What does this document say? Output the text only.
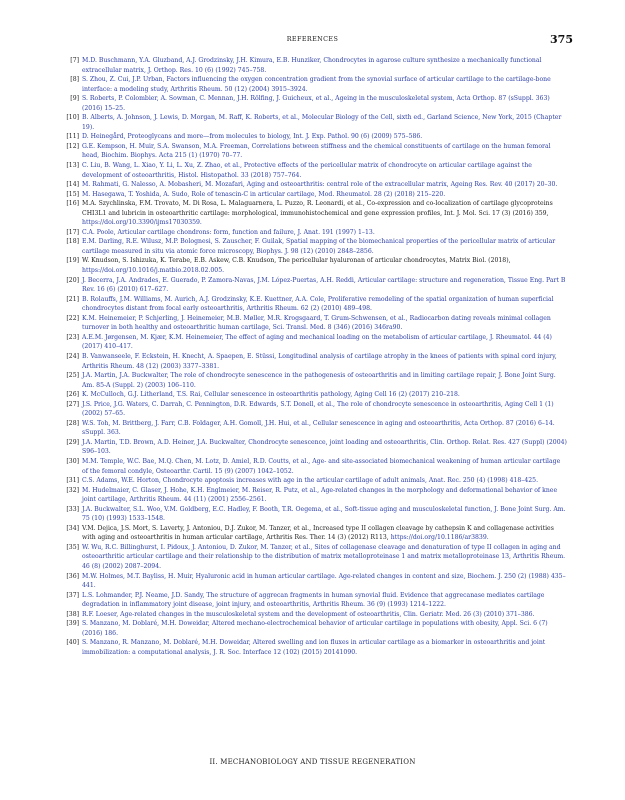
REFERENCES	375

[7] M.D. Buschmann, Y.A. Gluzband, A.J. Grodzinsky, J.H. Kimura, E.B. Hunziker, Chondrocytes in agarose culture synthesize a mechanically functional extracellular matrix, J. Orthop. Res. 10 (6) (1992) 745–758.

[8] S. Zhou, Z. Cui, J.P. Urban, Factors influencing the oxygen concentration gradient from the synovial surface of articular cartilage to the cartilage-bone interface: a modeling study, Arthritis Rheum. 50 (12) (2004) 3915–3924.

[9] S. Roberts, P. Colombier, A. Sowman, C. Mennan, J.H. Rölfing, J. Guicheux, et al., Ageing in the musculoskeletal system, Acta Orthop. 87 (sSuppl. 363) (2016) 15–25.

[10] B. Alberts, A. Johnson, J. Lewis, D. Morgan, M. Raff, K. Roberts, et al., Molecular Biology of the Cell, sixth ed., Garland Science, New York, 2015 (Chapter 19).

[11] D. Heinegård, Proteoglycans and more—from molecules to biology, Int. J. Exp. Pathol. 90 (6) (2009) 575–586.

[12] G.E. Kempson, H. Muir, S.A. Swanson, M.A. Freeman, Correlations between stiffness and the chemical constituents of cartilage on the human femoral head, Biochim. Biophys. Acta 215 (1) (1970) 70–77.

[13] C. Liu, B. Wang, L. Xiao, Y. Li, L. Xu, Z. Zhao, et al., Protective effects of the pericellular matrix of chondrocyte on articular cartilage against the development of osteoarthritis, Histol. Histopathol. 33 (2018) 757–764.

[14] M. Rahmati, G. Nalesso, A. Mobasheri, M. Mozafari, Aging and osteoarthritis: central role of the extracellular matrix, Ageing Res. Rev. 40 (2017) 20–30.

[15] M. Hasegawa, T. Yoshida, A. Sudo, Role of tenascin-C in articular cartilage, Mod. Rheumatol. 28 (2) (2018) 215–220.

[16] M.A. Szychlinska, F.M. Trovato, M. Di Rosa, L. Malaguarnera, L. Puzzo, R. Leonardi, et al., Co-expression and co-localization of cartilage glycoproteins CHI3L1 and lubricin in osteoarthritic cartilage: morphological, immunohistochemical and gene expression profiles, Int. J. Mol. Sci. 17 (3) (2016) 359, https://doi.org/10.3390/ijms17030359.

[17] C.A. Poole, Articular cartilage chondrons: form, function and failure, J. Anat. 191 (1997) 1–13.

[18] E.M. Darling, R.E. Wilusz, M.P. Bolognesi, S. Zauscher, F. Guilak, Spatial mapping of the biomechanical properties of the pericellular matrix of articular cartilage measured in situ via atomic force microscopy, Biophys. J. 98 (12) (2010) 2848–2856.

[19] W. Knudson, S. Ishizuka, K. Terabe, E.B. Askew, C.B. Knudson, The pericellular hyaluronan of articular chondrocytes, Matrix Biol. (2018), https://doi.org/10.1016/j.matbio.2018.02.005.

[20] J. Becerra, J.A. Andrades, E. Guerado, P. Zamora-Navas, J.M. López-Puertas, A.H. Reddi, Articular cartilage: structure and regeneration, Tissue Eng. Part B Rev. 16 (6) (2010) 617–627.

[21] B. Rolauffs, J.M. Williams, M. Aurich, A.J. Grodzinsky, K.E. Kuettner, A.A. Cole, Proliferative remodeling of the spatial organization of human superficial chondrocytes distant from focal early osteoarthritis, Arthritis Rheum. 62 (2) (2010) 489–498.

[22] K.M. Heinemeier, P. Schjerling, J. Heinemeier, M.B. Møller, M.R. Krogsgaard, T. Grum-Schwensen, et al., Radiocarbon dating reveals minimal collagen turnover in both healthy and osteoarthritic human cartilage, Sci. Transl. Med. 8 (346) (2016) 346ra90.

[23] A.E.M. Jørgensen, M. Kjær, K.M. Heinemeier, The effect of aging and mechanical loading on the metabolism of articular cartilage, J. Rheumatol. 44 (4) (2017) 410–417.

[24] B. Vanwanseele, F. Eckstein, H. Knecht, A. Spaepen, E. Stüssi, Longitudinal analysis of cartilage atrophy in the knees of patients with spinal cord injury, Arthritis Rheum. 48 (12) (2003) 3377–3381.

[25] J.A. Martin, J.A. Buckwalter, The role of chondrocyte senescence in the pathogenesis of osteoarthritis and in limiting cartilage repair, J. Bone Joint Surg. Am. 85-A (Suppl. 2) (2003) 106–110.

[26] K. McCulloch, G.J. Litherland, T.S. Rai, Cellular senescence in osteoarthritis pathology, Aging Cell 16 (2) (2017) 210–218.

[27] J.S. Price, J.G. Waters, C. Darrah, C. Pennington, D.R. Edwards, S.T. Donell, et al., The role of chondrocyte senescence in osteoarthritis, Aging Cell 1 (1) (2002) 57–65.

[28] W.S. Toh, M. Brittberg, J. Farr, C.B. Foldager, A.H. Gomoll, J.H. Hui, et al., Cellular senescence in aging and osteoarthritis, Acta Orthop. 87 (2016) 6–14. sSuppl. 363.

[29] J.A. Martin, T.D. Brown, A.D. Heiner, J.A. Buckwalter, Chondrocyte senescence, joint loading and osteoarthritis, Clin. Orthop. Relat. Res. 427 (Suppl) (2004) S96–103.

[30] M.M. Temple, W.C. Bae, M.Q. Chen, M. Lotz, D. Amiel, R.D. Coutts, et al., Age- and site-associated biomechanical weakening of human articular cartilage of the femoral condyle, Osteoarthr. Cartil. 15 (9) (2007) 1042–1052.

[31] C.S. Adams, W.E. Horton, Chondrocyte apoptosis increases with age in the articular cartilage of adult animals, Anat. Rec. 250 (4) (1998) 418–425.

[32] M. Hudelmaier, C. Glaser, J. Hohe, K.H. Englmeier, M. Reiser, R. Putz, et al., Age-related changes in the morphology and deformational behavior of knee joint cartilage, Arthritis Rheum. 44 (11) (2001) 2556–2561.

[33] J.A. Buckwalter, S.L. Woo, V.M. Goldberg, E.C. Hadley, F. Booth, T.R. Oegema, et al., Soft-tissue aging and musculoskeletal function, J. Bone Joint Surg. Am. 75 (10) (1993) 1533–1548.

[34] V.M. Dejica, J.S. Mort, S. Laverty, J. Antoniou, D.J. Zukor, M. Tanzer, et al., Increased type II collagen cleavage by cathepsin K and collagenase activities with aging and osteoarthritis in human articular cartilage, Arthritis Res. Ther. 14 (3) (2012) R113, https://doi.org/10.1186/ar3839.

[35] W. Wu, R.C. Billinghurst, I. Pidoux, J. Antoniou, D. Zukor, M. Tanzer, et al., Sites of collagenase cleavage and denaturation of type II collagen in aging and osteoarthritic articular cartilage and their relationship to the distribution of matrix metalloproteinase 1 and matrix metalloproteinase 13, Arthritis Rheum. 46 (8) (2002) 2087–2094.

[36] M.W. Holmes, M.T. Bayliss, H. Muir, Hyaluronic acid in human articular cartilage. Age-related changes in content and size, Biochem. J. 250 (2) (1988) 435–441.

[37] L.S. Lohmander, P.J. Neame, J.D. Sandy, The structure of aggrecan fragments in human synovial fluid. Evidence that aggrecanase mediates cartilage degradation in inflammatory joint disease, joint injury, and osteoarthritis, Arthritis Rheum. 36 (9) (1993) 1214–1222.

[38] R.F. Loeser, Age-related changes in the musculoskeletal system and the development of osteoarthritis, Clin. Geriatr. Med. 26 (3) (2010) 371–386.

[39] S. Manzano, M. Doblaré, M.H. Doweidar, Altered mechano-electrochemical behavior of articular cartilage in populations with obesity, Appl. Sci. 6 (7) (2016) 186.

[40] S. Manzano, R. Manzano, M. Doblaré, M.H. Doweidar, Altered swelling and ion fluxes in articular cartilage as a biomarker in osteoarthritis and joint immobilization: a computational analysis, J. R. Soc. Interface 12 (102) (2015) 20141090.

II. MECHANOBIOLOGY AND TISSUE REGENERATION
